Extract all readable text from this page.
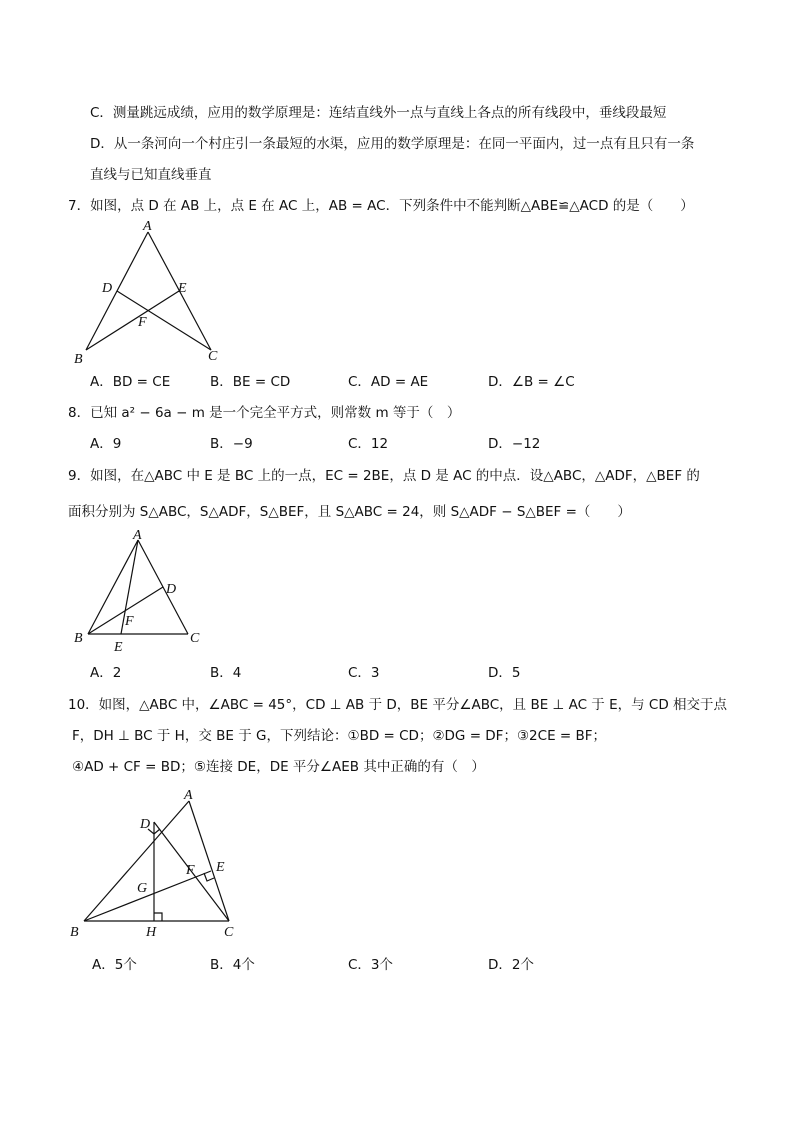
C．测量跳远成绩，应用的数学原理是：连结直线外一点与直线上各点的所有线段中，垂线段最短
D．从一条河向一个村庄引一条最短的水渠，应用的数学原理是：在同一平面内，过一点有且只有一条
直线与已知直线垂直
7．如图，点 D 在 AB 上，点 E 在 AC 上，AB = AC．下列条件中不能判断△ABE≌△ACD 的是（　　）
A
B	C
D	E
F
A．BD = CE	B．BE = CD	C．AD = AE	D．∠B = ∠C
8．已知 a² − 6a − m 是一个完全平方式，则常数 m 等于（　）
A．9	B．−9	C．12	D．−12
9．如图，在△ABC 中 E 是 BC 上的一点，EC = 2BE，点 D 是 AC 的中点．设△ABC，△ADF，△BEF 的
面积分别为 S△ABC，S△ADF，S△BEF，且 S△ABC = 24，则 S△ADF − S△BEF =（　　）
A
B	C
D
E
F
A．2	B．4	C．3	D．5
10．如图，△ABC 中，∠ABC = 45°，CD ⊥ AB 于 D，BE 平分∠ABC，且 BE ⊥ AC 于 E，与 CD 相交于点
F，DH ⊥ BC 于 H，交 BE 于 G，下列结论：①BD = CD；②DG = DF；③2CE = BF；
④AD + CF = BD；⑤连接 DE，DE 平分∠AEB 其中正确的有（　）
A
B	C
D
E
F
G
H
A．5个	B．4个	C．3个	D．2个
